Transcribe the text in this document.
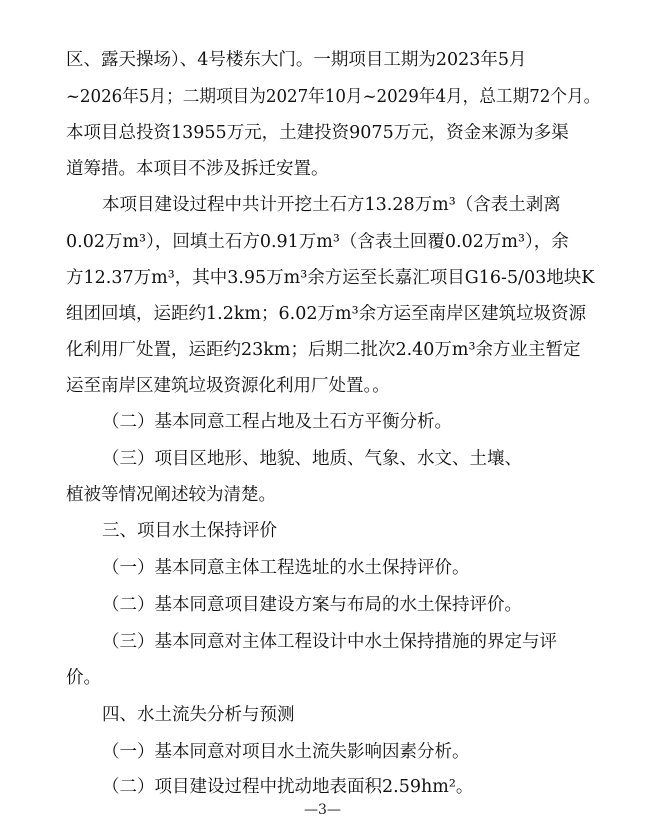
区、露天操场）、4号楼东大门。一期项目工期为2023年5月

~2026年5月；二期项目为2027年10月~2029年4月，总工期72个月。

本项目总投资13955万元，土建投资9075万元，资金来源为多渠

道筹措。本项目不涉及拆迁安置。

本项目建设过程中共计开挖土石方13.28万m³（含表土剥离

0.02万m³），回填土石方0.91万m³（含表土回覆0.02万m³），余

方12.37万m³，其中3.95万m³余方运至长嘉汇项目G16-5/03地块K

组团回填，运距约1.2km；6.02万m³余方运至南岸区建筑垃圾资源

化利用厂处置，运距约23km；后期二批次2.40万m³余方业主暂定

运至南岸区建筑垃圾资源化利用厂处置。。

（二）基本同意工程占地及土石方平衡分析。

（三）项目区地形、地貌、地质、气象、水文、土壤、

植被等情况阐述较为清楚。

三、项目水土保持评价

（一）基本同意主体工程选址的水土保持评价。

（二）基本同意项目建设方案与布局的水土保持评价。

（三）基本同意对主体工程设计中水土保持措施的界定与评

价。

四、水土流失分析与预测

（一）基本同意对项目水土流失影响因素分析。

（二）项目建设过程中扰动地表面积2.59hm²。

—3—
